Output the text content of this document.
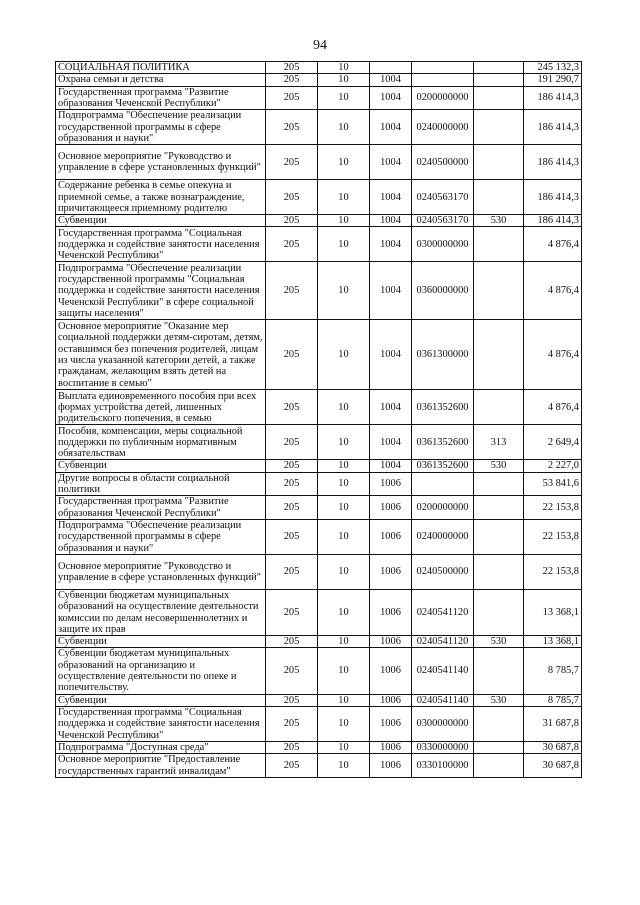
94
СОЦИАЛЬНАЯ ПОЛИТИКА	205	10				245 132,3
Охрана семьи и детства	205	10	1004			191 290,7
Государственная программа "Развитие образования Чеченской Республики"	205	10	1004	0200000000		186 414,3
Подпрограмма "Обеспечение реализации государственной программы в сфере образования и науки"	205	10	1004	0240000000		186 414,3
Основное мероприятие "Руководство и управление в сфере установленных функций"	205	10	1004	0240500000		186 414,3
Содержание ребенка в семье опекуна и приемной семье, а также вознаграждение, причитающееся приемному родителю	205	10	1004	0240563170		186 414,3
Субвенции	205	10	1004	0240563170	530	186 414,3
Государственная программа "Социальная поддержка и содействие занятости населения Чеченской Республики"	205	10	1004	0300000000		4 876,4
Подпрограмма "Обеспечение реализации государственной программы "Социальная поддержка и содействие занятости населения Чеченской Республики" в сфере социальной защиты населения"	205	10	1004	0360000000		4 876,4
Основное мероприятие "Оказание мер социальной поддержки детям-сиротам, детям, оставшимся без попечения родителей, лицам из числа указанной категории детей, а также гражданам, желающим взять детей на воспитание в семью"	205	10	1004	0361300000		4 876,4
Выплата единовременного пособия при всех формах устройства детей, лишенных родительского попечения, в семью	205	10	1004	0361352600		4 876,4
Пособия, компенсации, меры социальной поддержки по публичным нормативным обязательствам	205	10	1004	0361352600	313	2 649,4
Субвенции	205	10	1004	0361352600	530	2 227,0
Другие вопросы в области социальной политики	205	10	1006			53 841,6
Государственная программа "Развитие образования Чеченской Республики"	205	10	1006	0200000000		22 153,8
Подпрограмма "Обеспечение реализации государственной программы в сфере образования и науки"	205	10	1006	0240000000		22 153,8
Основное мероприятие "Руководство и управление в сфере установленных функций"	205	10	1006	0240500000		22 153,8
Субвенции бюджетам муниципальных образований на осуществление деятельности комиссии по делам несовершеннолетних и защите их прав	205	10	1006	0240541120		13 368,1
Субвенции	205	10	1006	0240541120	530	13 368,1
Субвенции бюджетам муниципальных образований на организацию и осуществление деятельности по опеке и попечительству.	205	10	1006	0240541140		8 785,7
Субвенции	205	10	1006	0240541140	530	8 785,7
Государственная программа "Социальная поддержка и содействие занятости населения Чеченской Республики"	205	10	1006	0300000000		31 687,8
Подпрограмма "Доступная среда"	205	10	1006	0330000000		30 687,8
Основное мероприятие "Предоставление государственных гарантий инвалидам"	205	10	1006	0330100000		30 687,8
